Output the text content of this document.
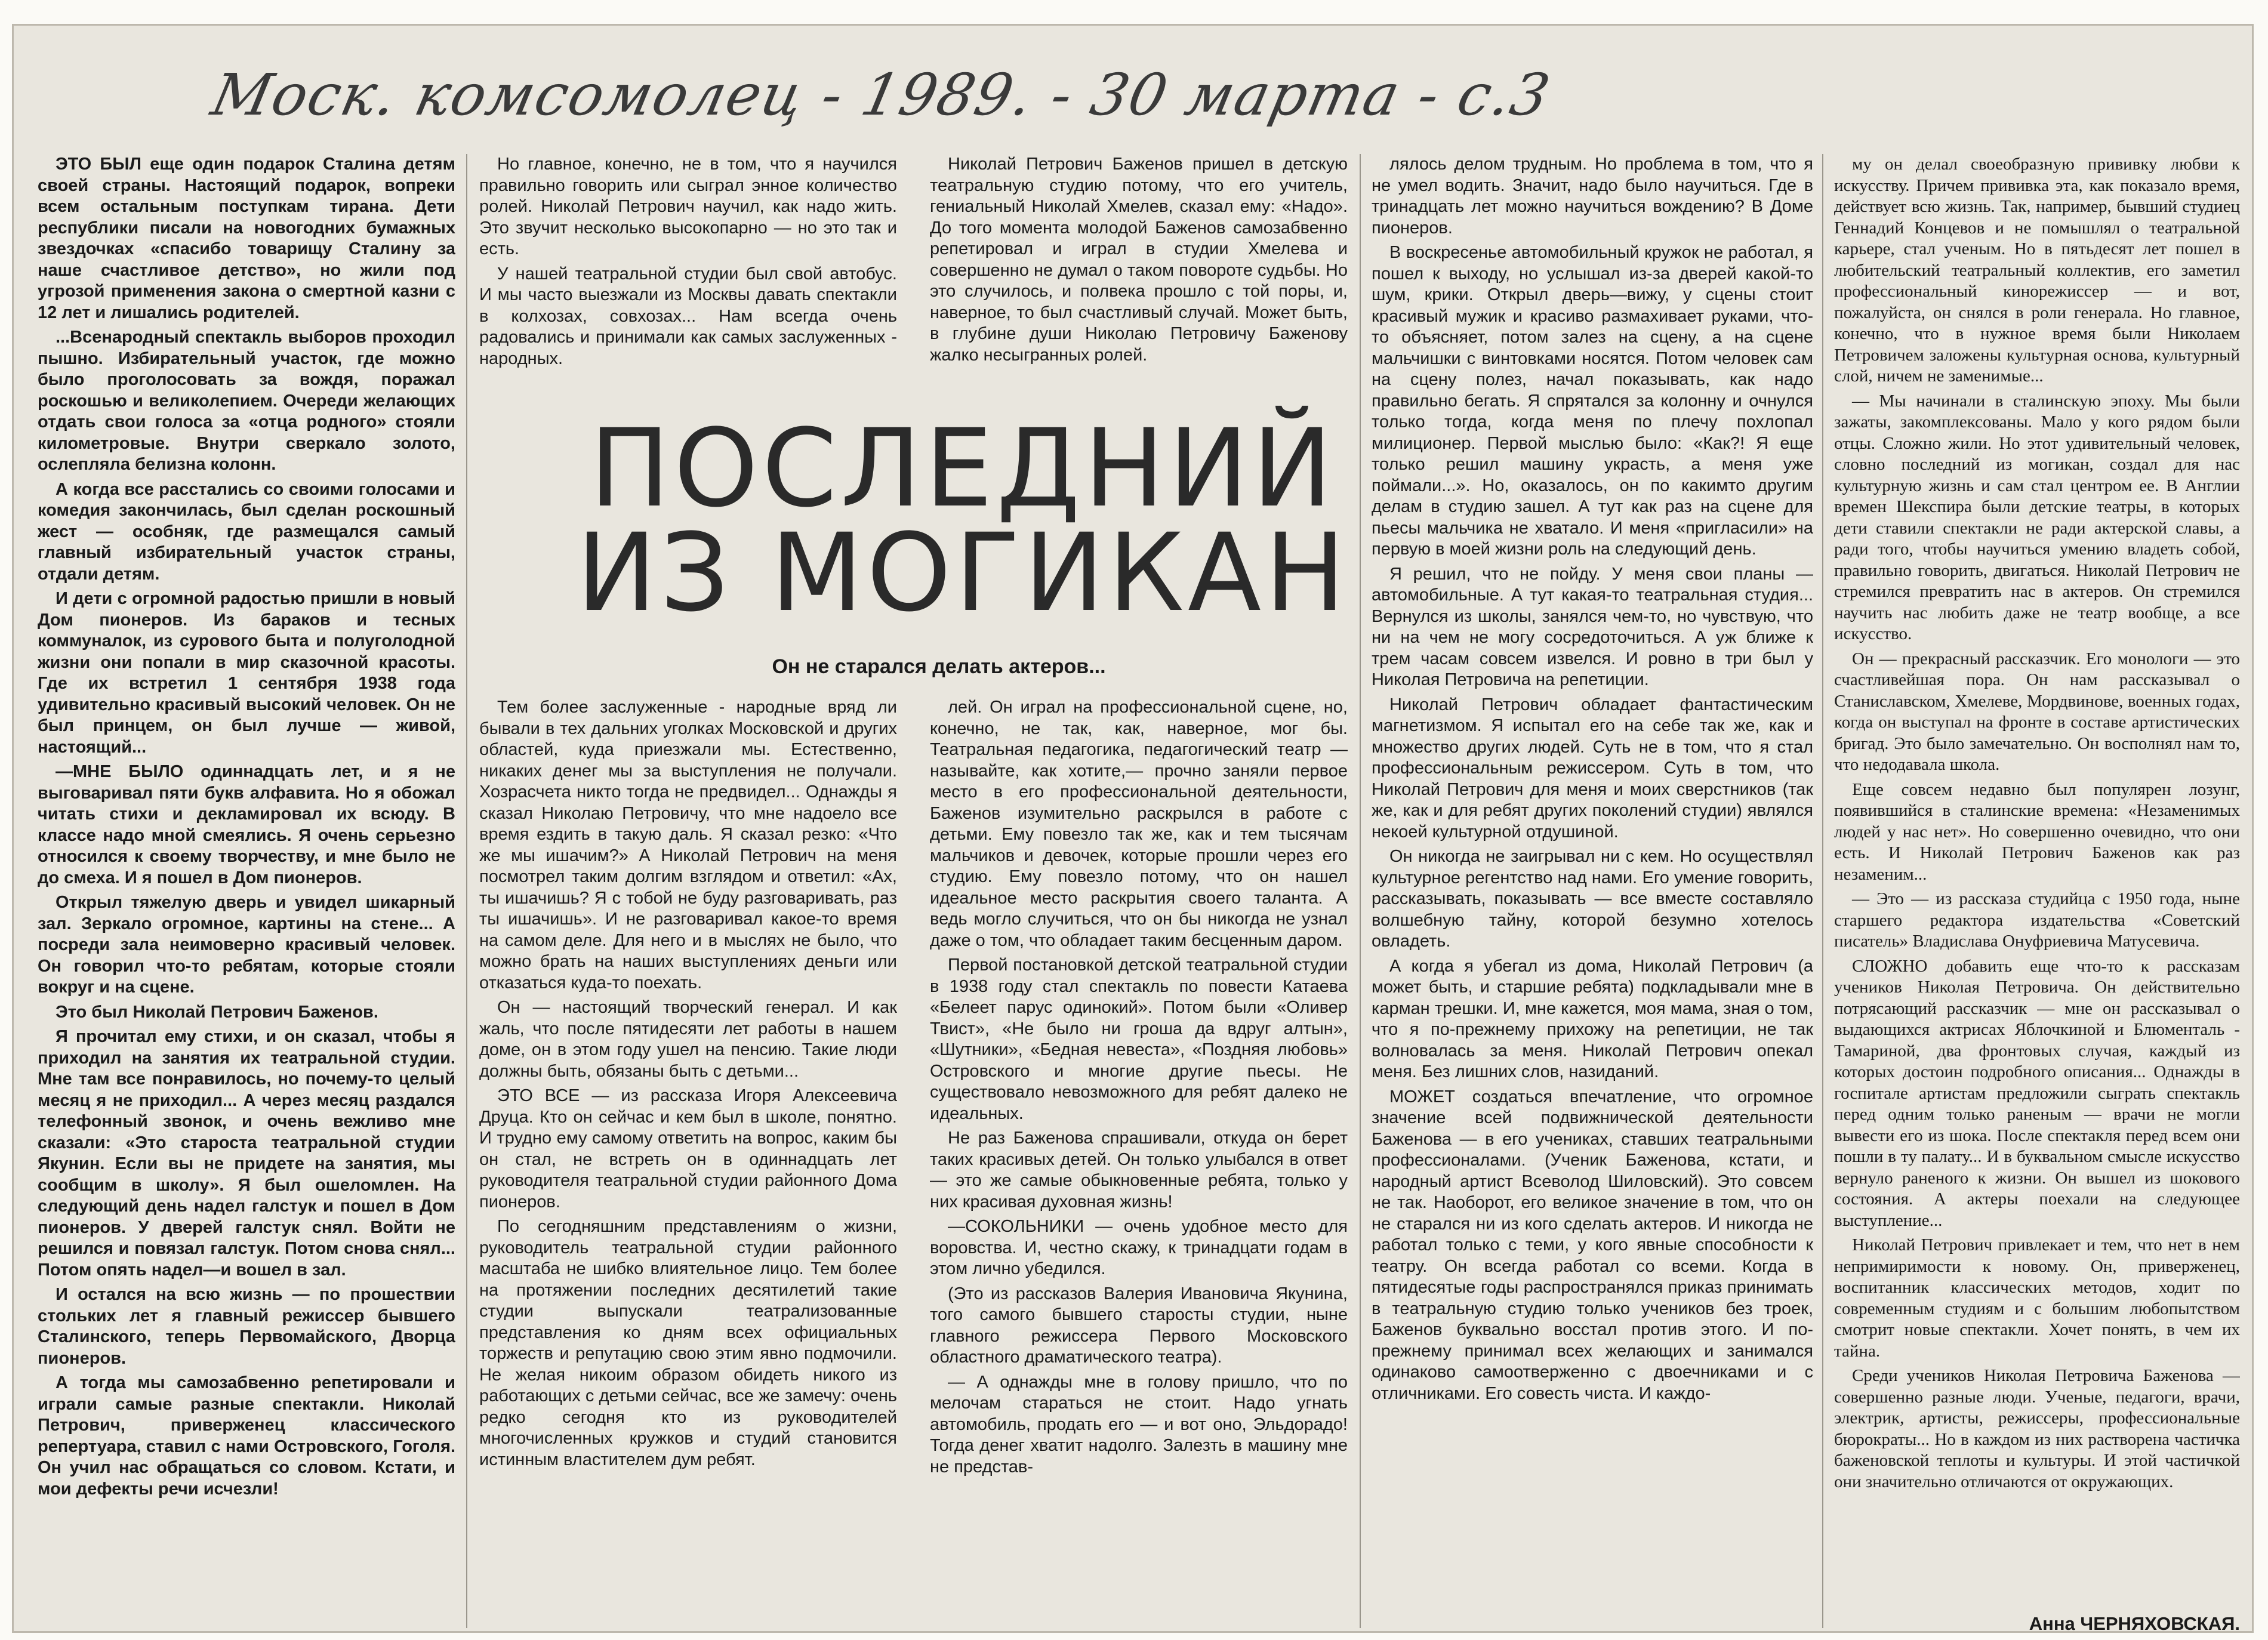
Моск. комсомолец - 1989. - 30 марта - с.3

ЭТО БЫЛ еще один подарок Сталина детям своей страны. Настоящий подарок, вопреки всем остальным поступкам тирана. Дети республики писали на новогодних бумажных звездочках «спасибо товарищу Сталину за наше счастливое детство», но жили под угрозой применения закона о смертной казни с 12 лет и лишались родителей.

...Всенародный спектакль выборов проходил пышно. Избирательный участок, где можно было проголосовать за вождя, поражал роскошью и великолепием. Очереди желающих отдать свои голоса за «отца родного» стояли километровые. Внутри сверкало золото, ослепляла белизна колонн.

А когда все расстались со своими голосами и комедия закончилась, был сделан роскошный жест — особняк, где размещался самый главный избирательный участок страны, отдали детям.

И дети с огромной радостью пришли в новый Дом пионеров. Из бараков и тесных коммуналок, из сурового быта и полуголодной жизни они попали в мир сказочной красоты. Где их встретил 1 сентября 1938 года удивительно красивый высокий человек. Он не был принцем, он был лучше — живой, настоящий...

—МНЕ БЫЛО одиннадцать лет, и я не выговаривал пяти букв алфавита. Но я обожал читать стихи и декламировал их всюду. В классе надо мной смеялись. Я очень серьезно относился к своему творчеству, и мне было не до смеха. И я пошел в Дом пионеров.

Открыл тяжелую дверь и увидел шикарный зал. Зеркало огромное, картины на стене... А посреди зала неимоверно красивый человек. Он говорил что-то ребятам, которые стояли вокруг и на сцене.

Это был Николай Петрович Баженов.

Я прочитал ему стихи, и он сказал, чтобы я приходил на занятия их театральной студии. Мне там все понравилось, но почему-то целый месяц я не приходил... А через месяц раздался телефонный звонок, и очень вежливо мне сказали: «Это староста театральной студии Якунин. Если вы не придете на занятия, мы сообщим в школу». Я был ошеломлен. На следующий день надел галстук и пошел в Дом пионеров. У дверей галстук снял. Войти не решился и повязал галстук. Потом снова снял... Потом опять надел—и вошел в зал.

И остался на всю жизнь — по прошествии стольких лет я главный режиссер бывшего Сталинского, теперь Первомайского, Дворца пионеров.

А тогда мы самозабвенно репетировали и играли самые разные спектакли. Николай Петрович, приверженец классического репертуара, ставил с нами Островского, Гоголя. Он учил нас обращаться со словом. Кстати, и мои дефекты речи исчезли!

Но главное, конечно, не в том, что я научился правильно говорить или сыграл энное количество ролей. Николай Петрович научил, как надо жить. Это звучит несколько высокопарно — но это так и есть.

У нашей театральной студии был свой автобус. И мы часто выезжали из Москвы давать спектакли в колхозах, совхозах... Нам всегда очень радовались и принимали как самых заслуженных - народных.

Николай Петрович Баженов пришел в детскую театральную студию потому, что его учитель, гениальный Николай Хмелев, сказал ему: «Надо». До того момента молодой Баженов самозабвенно репетировал и играл в студии Хмелева и совершенно не думал о таком повороте судьбы. Но это случилось, и полвека прошло с той поры, и, наверное, то был счастливый случай. Может быть, в глубине души Николаю Петровичу Баженову жалко несыгранных ролей.

ПОСЛЕДНИЙ
ИЗ МОГИКАН
Он не старался делать актеров...

Тем более заслуженные - народные вряд ли бывали в тех дальних уголках Московской и других областей, куда приезжали мы. Естественно, никаких денег мы за выступления не получали. Хозрасчета никто тогда не предвидел... Однажды я сказал Николаю Петровичу, что мне надоело все время ездить в такую даль. Я сказал резко: «Что же мы ишачим?» А Николай Петрович на меня посмотрел таким долгим взглядом и ответил: «Ах, ты ишачишь? Я с тобой не буду разговаривать, раз ты ишачишь». И не разговаривал какое-то время на самом деле. Для него и в мыслях не было, что можно брать на наших выступлениях деньги или отказаться куда-то поехать.

Он — настоящий творческий генерал. И как жаль, что после пятидесяти лет работы в нашем доме, он в этом году ушел на пенсию. Такие люди должны быть, обязаны быть с детьми...

ЭТО ВСЕ — из рассказа Игоря Алексеевича Друца. Кто он сейчас и кем был в школе, понятно. И трудно ему самому ответить на вопрос, каким бы он стал, не встреть он в одиннадцать лет руководителя театральной студии районного Дома пионеров.

По сегодняшним представлениям о жизни, руководитель театральной студии районного масштаба не шибко влиятельное лицо. Тем более на протяжении последних десятилетий такие студии выпускали театрализованные представления ко дням всех официальных торжеств и репутацию свою этим явно подмочили. Не желая никоим образом обидеть никого из работающих с детьми сейчас, все же замечу: очень редко сегодня кто из руководителей многочисленных кружков и студий становится истинным властителем дум ребят.

лей. Он играл на профессиональной сцене, но, конечно, не так, как, наверное, мог бы. Театральная педагогика, педагогический театр — называйте, как хотите,— прочно заняли первое место в его профессиональной деятельности, Баженов изумительно раскрылся в работе с детьми. Ему повезло так же, как и тем тысячам мальчиков и девочек, которые прошли через его студию. Ему повезло потому, что он нашел идеальное место раскрытия своего таланта. А ведь могло случиться, что он бы никогда не узнал даже о том, что обладает таким бесценным даром.

Первой постановкой детской театральной студии в 1938 году стал спектакль по повести Катаева «Белеет парус одинокий». Потом были «Оливер Твист», «Не было ни гроша да вдруг алтын», «Шутники», «Бедная невеста», «Поздняя любовь» Островского и многие другие пьесы. Не существовало невозможного для ребят далеко не идеальных.

Не раз Баженова спрашивали, откуда он берет таких красивых детей. Он только улыбался в ответ — это же самые обыкновенные ребята, только у них красивая духовная жизнь!

—СОКОЛЬНИКИ — очень удобное место для воровства. И, честно скажу, к тринадцати годам в этом лично убедился.

(Это из рассказов Валерия Ивановича Якунина, того самого бывшего старосты студии, ныне главного режиссера Первого Московского областного драматического театра).

— А однажды мне в голову пришло, что по мелочам стараться не стоит. Надо угнать автомобиль, продать его — и вот оно, Эльдорадо! Тогда денег хватит надолго. Залезть в машину мне не представ-

лялось делом трудным. Но проблема в том, что я не умел водить. Значит, надо было научиться. Где в тринадцать лет можно научиться вождению? В Доме пионеров.

В воскресенье автомобильный кружок не работал, я пошел к выходу, но услышал из-за дверей какой-то шум, крики. Открыл дверь—вижу, у сцены стоит красивый мужик и красиво размахивает руками, что-то объясняет, потом залез на сцену, а на сцене мальчишки с винтовками носятся. Потом человек сам на сцену полез, начал показывать, как надо правильно бегать. Я спрятался за колонну и очнулся только тогда, когда меня по плечу похлопал милиционер. Первой мыслью было: «Как?! Я еще только решил машину украсть, а меня уже поймали...». Но, оказалось, он по какимто другим делам в студию зашел. А тут как раз на сцене для пьесы мальчика не хватало. И меня «пригласили» на первую в моей жизни роль на следующий день.

Я решил, что не пойду. У меня свои планы — автомобильные. А тут какая-то театральная студия... Вернулся из школы, занялся чем-то, но чувствую, что ни на чем не могу сосредоточиться. А уж ближе к трем часам совсем извелся. И ровно в три был у Николая Петровича на репетиции.

Николай Петрович обладает фантастическим магнетизмом. Я испытал его на себе так же, как и множество других людей. Суть не в том, что я стал профессиональным режиссером. Суть в том, что Николай Петрович для меня и моих сверстников (так же, как и для ребят других поколений студии) являлся некоей культурной отдушиной.

Он никогда не заигрывал ни с кем. Но осуществлял культурное регентство над нами. Его умение говорить, рассказывать, показывать — все вместе составляло волшебную тайну, которой безумно хотелось овладеть.

А когда я убегал из дома, Николай Петрович (а может быть, и старшие ребята) подкладывали мне в карман трешки. И, мне кажется, моя мама, зная о том, что я по-прежнему прихожу на репетиции, не так волновалась за меня. Николай Петрович опекал меня. Без лишних слов, назиданий.

МОЖЕТ создаться впечатление, что огромное значение всей подвижнической деятельности Баженова — в его учениках, ставших театральными профессионалами. (Ученик Баженова, кстати, и народный артист Всеволод Шиловский). Это совсем не так. Наоборот, его великое значение в том, что он не старался ни из кого сделать актеров. И никогда не работал только с теми, у кого явные способности к театру. Он всегда работал со всеми. Когда в пятидесятые годы распространялся приказ принимать в театральную студию только учеников без троек, Баженов буквально восстал против этого. И по-прежнему принимал всех желающих и занимался одинаково самоотверженно с двоечниками и с отличниками. Его совесть чиста. И каждо-

му он делал своеобразную прививку любви к искусству. Причем прививка эта, как показало время, действует всю жизнь. Так, например, бывший студиец Геннадий Концевов и не помышлял о театральной карьере, стал ученым. Но в пятьдесят лет пошел в любительский театральный коллектив, его заметил профессиональный кинорежиссер — и вот, пожалуйста, он снялся в роли генерала. Но главное, конечно, что в нужное время были Николаем Петровичем заложены культурная основа, культурный слой, ничем не заменимые...

— Мы начинали в сталинскую эпоху. Мы были зажаты, закомплексованы. Мало у кого рядом были отцы. Сложно жили. Но этот удивительный человек, словно последний из могикан, создал для нас культурную жизнь и сам стал центром ее. В Англии времен Шекспира были детские театры, в которых дети ставили спектакли не ради актерской славы, а ради того, чтобы научиться умению владеть собой, правильно говорить, двигаться. Николай Петрович не стремился превратить нас в актеров. Он стремился научить нас любить даже не театр вообще, а все искусство.

Он — прекрасный рассказчик. Его монологи — это счастливейшая пора. Он нам рассказывал о Станиславском, Хмелеве, Мордвинове, военных годах, когда он выступал на фронте в составе артистических бригад. Это было замечательно. Он восполнял нам то, что недодавала школа.

Еще совсем недавно был популярен лозунг, появившийся в сталинские времена: «Незаменимых людей у нас нет». Но совершенно очевидно, что они есть. И Николай Петрович Баженов как раз незаменим...

— Это — из рассказа студийца с 1950 года, ныне старшего редактора издательства «Советский писатель» Владислава Онуфриевича Матусевича.

СЛОЖНО добавить еще что-то к рассказам учеников Николая Петровича. Он действительно потрясающий рассказчик — мне он рассказывал о выдающихся актрисах Яблочкиной и Блюменталь - Тамариной, два фронтовых случая, каждый из которых достоин подробного описания... Однажды в госпитале артистам предложили сыграть спектакль перед одним только раненым — врачи не могли вывести его из шока. После спектакля перед всем они пошли в ту палату... И в буквальном смысле искусство вернуло раненого к жизни. Он вышел из шокового состояния. А актеры поехали на следующее выступление...

Николай Петрович привлекает и тем, что нет в нем непримиримости к новому. Он, приверженец, воспитанник классических методов, ходит по современным студиям и с большим любопытством смотрит новые спектакли. Хочет понять, в чем их тайна.

Среди учеников Николая Петровича Баженова — совершенно разные люди. Ученые, педагоги, врачи, электрик, артисты, режиссеры, профессиональные бюрократы... Но в каждом из них растворена частичка баженовской теплоты и культуры. И этой частичкой они значительно отличаются от окружающих.

Анна ЧЕРНЯХОВСКАЯ.
